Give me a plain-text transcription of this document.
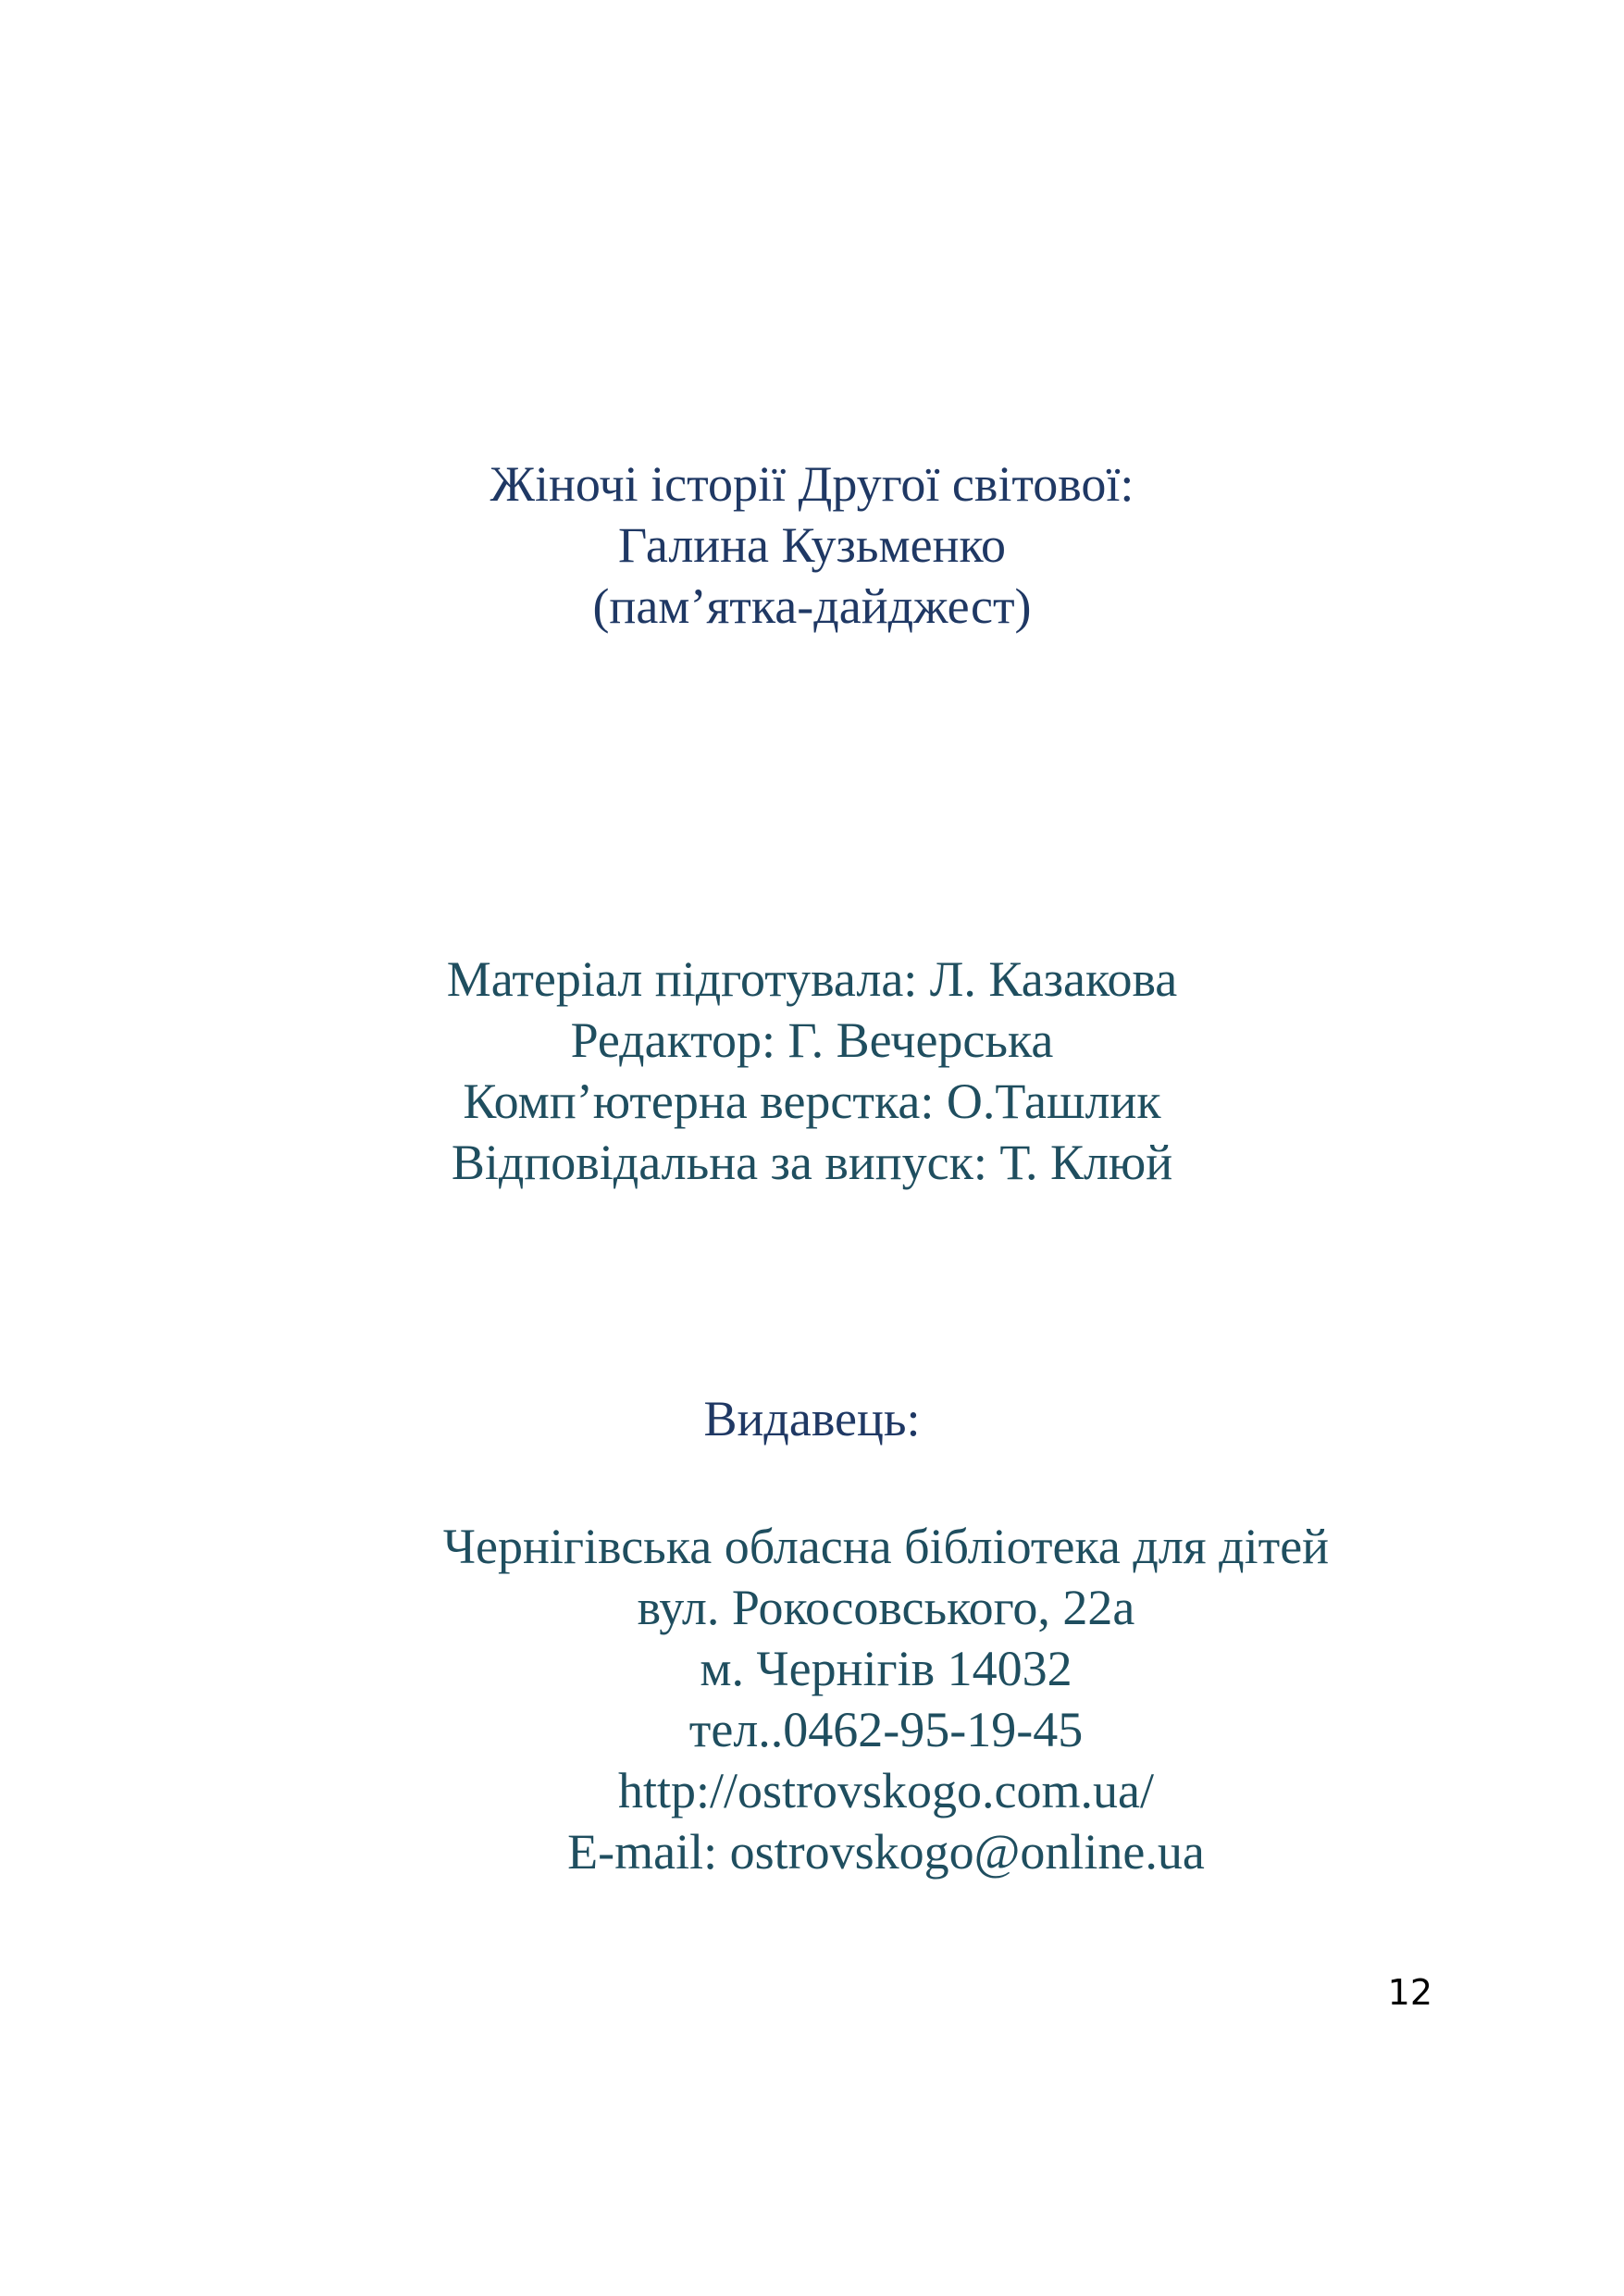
Жіночі історії Другої світової:
Галина Кузьменко
(пам’ятка-дайджест)
Матеріал підготувала: Л. Казакова
Редактор: Г. Вечерська
Комп’ютерна верстка: О.Ташлик
Відповідальна за випуск: Т. Клюй
Видавець:
Чернігівська обласна бібліотека для дітей
вул. Рокосовського, 22а
м. Чернігів 14032
тел..0462-95-19-45
http://ostrovskogo.com.ua/
E-mail: ostrovskogo@online.ua
12
